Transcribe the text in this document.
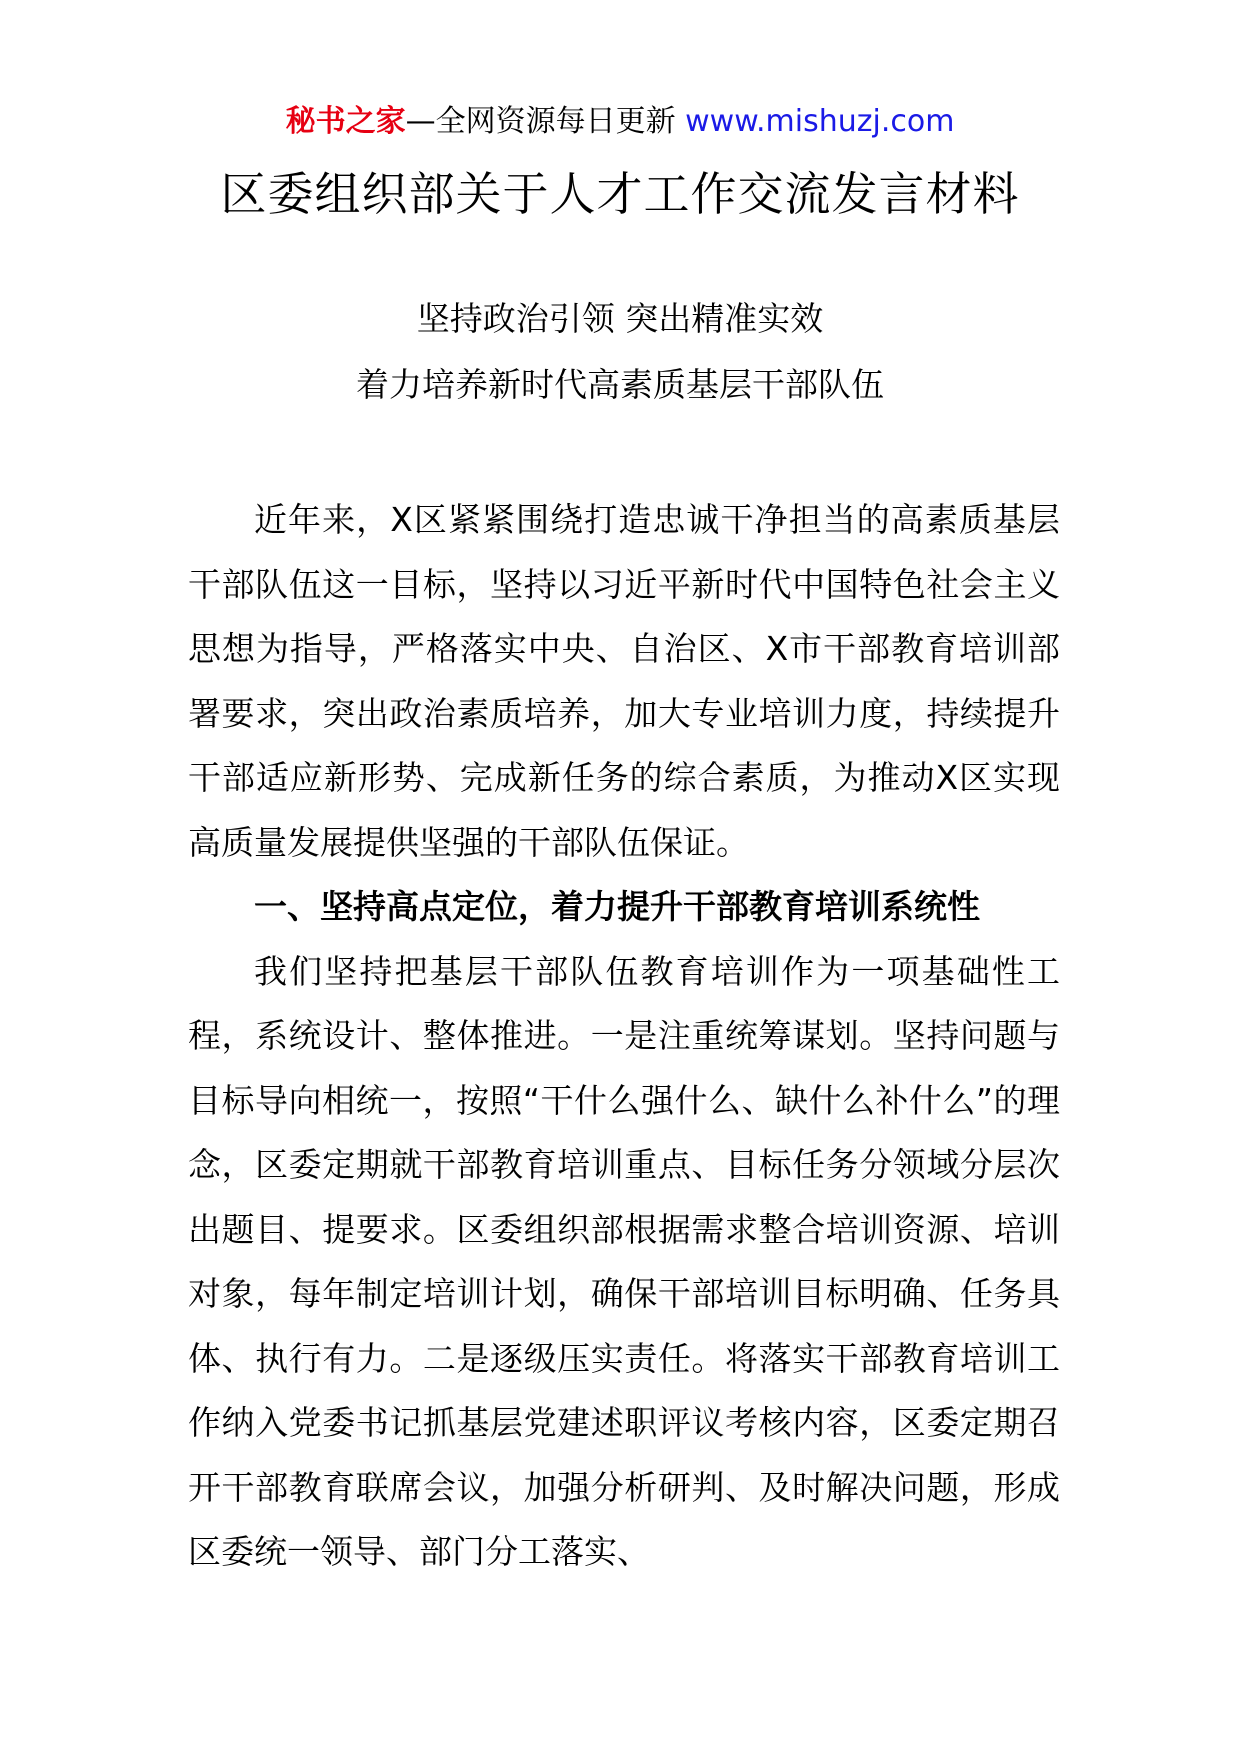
秘书之家—全网资源每日更新 www.mishuzj.com
区委组织部关于人才工作交流发言材料
坚持政治引领 突出精准实效
着力培养新时代高素质基层干部队伍

近年来，X区紧紧围绕打造忠诚干净担当的高素质基层干部队伍这一目标，坚持以习近平新时代中国特色社会主义思想为指导，严格落实中央、自治区、X市干部教育培训部署要求，突出政治素质培养，加大专业培训力度，持续提升干部适应新形势、完成新任务的综合素质，为推动X区实现高质量发展提供坚强的干部队伍保证。

一、坚持高点定位，着力提升干部教育培训系统性

我们坚持把基层干部队伍教育培训作为一项基础性工程，系统设计、整体推进。一是注重统筹谋划。坚持问题与目标导向相统一，按照“干什么强什么、缺什么补什么”的理念，区委定期就干部教育培训重点、目标任务分领域分层次出题目、提要求。区委组织部根据需求整合培训资源、培训对象，每年制定培训计划，确保干部培训目标明确、任务具体、执行有力。二是逐级压实责任。将落实干部教育培训工作纳入党委书记抓基层党建述职评议考核内容，区委定期召开干部教育联席会议，加强分析研判、及时解决问题，形成区委统一领导、部门分工落实、
